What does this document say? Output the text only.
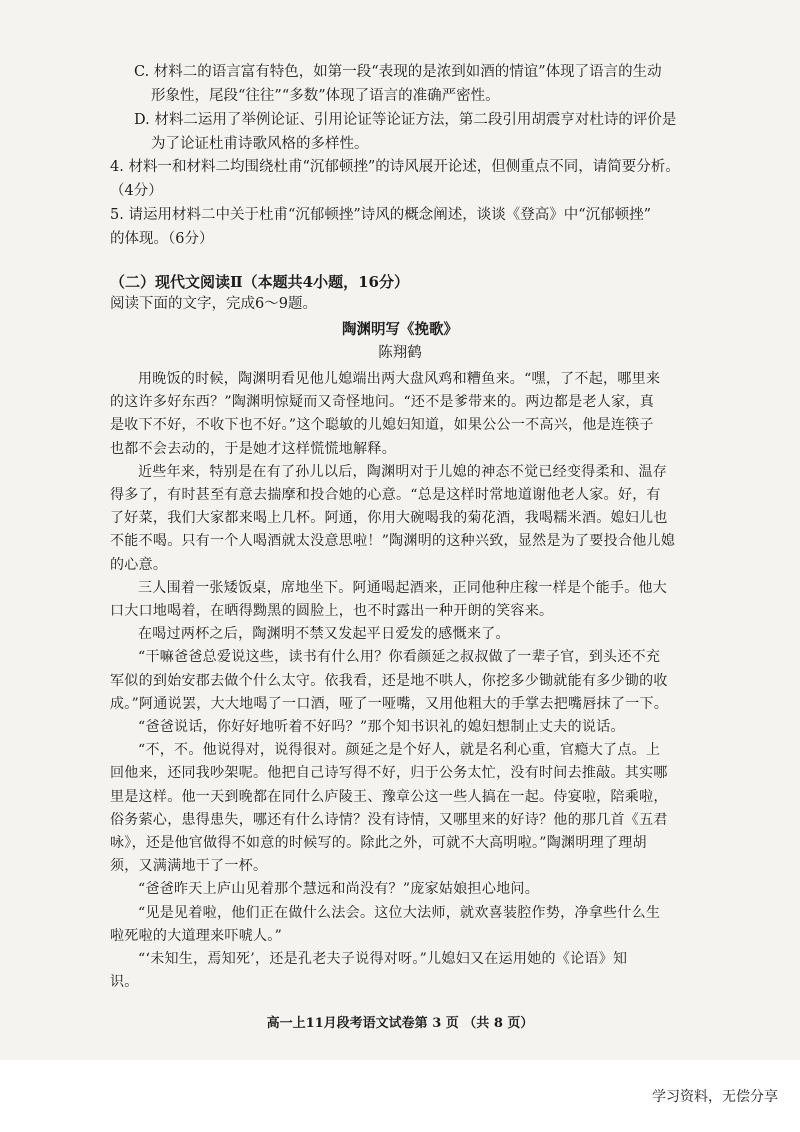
C. 材料二的语言富有特色，如第一段“表现的是浓到如酒的情谊”体现了语言的生动
形象性，尾段“往往”“多数”体现了语言的准确严密性。
D. 材料二运用了举例论证、引用论证等论证方法，第二段引用胡震亨对杜诗的评价是
为了论证杜甫诗歌风格的多样性。
4. 材料一和材料二均围绕杜甫“沉郁顿挫”的诗风展开论述，但侧重点不同，请简要分析。
（4分）
5. 请运用材料二中关于杜甫“沉郁顿挫”诗风的概念阐述，谈谈《登高》中“沉郁顿挫”
的体现。（6分）
（二）现代文阅读Ⅱ（本题共4小题，16分）
阅读下面的文字，完成6～9题。
陶渊明写《挽歌》
陈翔鹤
用晚饭的时候，陶渊明看见他儿媳端出两大盘风鸡和糟鱼来。“嘿，了不起，哪里来
的这许多好东西？”陶渊明惊疑而又奇怪地问。“还不是爹带来的。两边都是老人家，真
是收下不好，不收下也不好。”这个聪敏的儿媳妇知道，如果公公一不高兴，他是连筷子
也都不会去动的，于是她才这样慌慌地解释。
近些年来，特别是在有了孙儿以后，陶渊明对于儿媳的神态不觉已经变得柔和、温存
得多了，有时甚至有意去揣摩和投合她的心意。“总是这样时常地道谢他老人家。好，有
了好菜，我们大家都来喝上几杯。阿通，你用大碗喝我的菊花酒，我喝糯米酒。媳妇儿也
不能不喝。只有一个人喝酒就太没意思啦！”陶渊明的这种兴致，显然是为了要投合他儿媳
的心意。
三人围着一张矮饭桌，席地坐下。阿通喝起酒来，正同他种庄稼一样是个能手。他大
口大口地喝着，在晒得黝黑的圆脸上，也不时露出一种开朗的笑容来。
在喝过两杯之后，陶渊明不禁又发起平日爱发的感慨来了。
“干嘛爸爸总爱说这些，读书有什么用？你看颜延之叔叔做了一辈子官，到头还不充
军似的到始安郡去做个什么太守。依我看，还是地不哄人，你挖多少锄就能有多少锄的收
成。”阿通说罢，大大地喝了一口酒，哑了一哑嘴，又用他粗大的手掌去把嘴唇抹了一下。
“爸爸说话，你好好地听着不好吗？”那个知书识礼的媳妇想制止丈夫的说话。
“不，不。他说得对，说得很对。颜延之是个好人，就是名利心重，官瘾大了点。上
回他来，还同我吵架呢。他把自己诗写得不好，归于公务太忙，没有时间去推敲。其实哪
里是这样。他一天到晚都在同什么庐陵王、豫章公这一些人搞在一起。侍宴啦，陪乘啦，
俗务萦心，患得患失，哪还有什么诗情？没有诗情，又哪里来的好诗？他的那几首《五君
咏》，还是他官做得不如意的时候写的。除此之外，可就不大高明啦。”陶渊明理了理胡
须，又满满地干了一杯。
“爸爸昨天上庐山见着那个慧远和尚没有？”庞家姑娘担心地问。
“见是见着啦，他们正在做什么法会。这位大法师，就欢喜装腔作势，净拿些什么生
啦死啦的大道理来吓唬人。”
“‘未知生，焉知死’，还是孔老夫子说得对呀。”儿媳妇又在运用她的《论语》知
识。
高一上11月段考语文试卷第 3 页 （共 8 页）
学习资料，无偿分享
